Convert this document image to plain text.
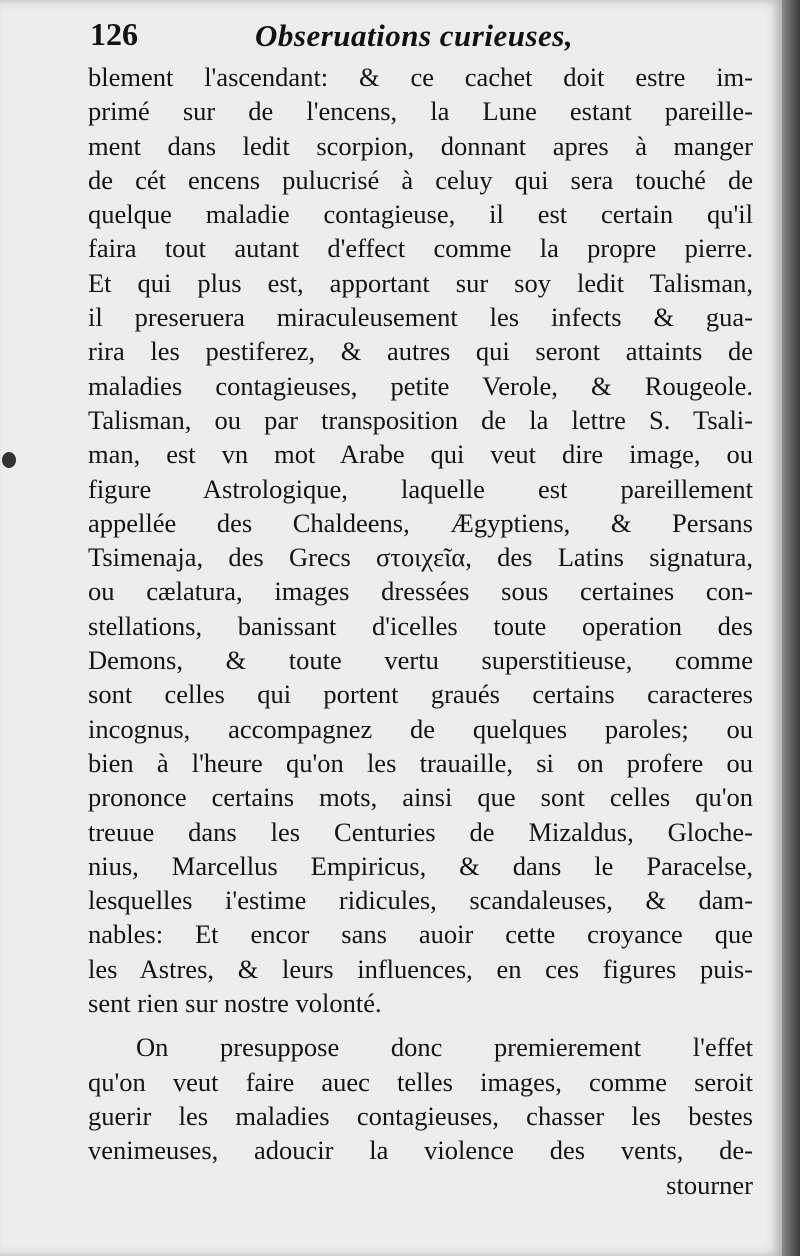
126	Obseruations curieuses,
blement l'ascendant: & ce cachet doit estre im-
primé sur de l'encens, la Lune estant pareille-
ment dans ledit scorpion, donnant apres à manger
de cét encens pulucrisé à celuy qui sera touché de
quelque maladie contagieuse, il est certain qu'il
faira tout autant d'effect comme la propre pierre.
Et qui plus est, apportant sur soy ledit Talisman,
il preseruera miraculeusement les infects & gua-
rira les pestiferez, & autres qui seront attaints de
maladies contagieuses, petite Verole, & Rougeole.
Talisman, ou par transposition de la lettre S. Tsali-
man, est vn mot Arabe qui veut dire image, ou
figure Astrologique, laquelle est pareillement
appellée des Chaldeens, Ægyptiens, & Persans
Tsimenaja, des Grecs στοιχεῖα, des Latins signatura,
ou cælatura, images dressées sous certaines con-
stellations, banissant d'icelles toute operation des
Demons, & toute vertu superstitieuse, comme
sont celles qui portent graués certains caracteres
incognus, accompagnez de quelques paroles; ou
bien à l'heure qu'on les trauaille, si on profere ou
prononce certains mots, ainsi que sont celles qu'on
treuue dans les Centuries de Mizaldus, Gloche-
nius, Marcellus Empiricus, & dans le Paracelse,
lesquelles i'estime ridicules, scandaleuses, & dam-
nables: Et encor sans auoir cette croyance que
les Astres, & leurs influences, en ces figures puis-
sent rien sur nostre volonté.
On presuppose donc premierement l'effet
qu'on veut faire auec telles images, comme seroit
guerir les maladies contagieuses, chasser les bestes
venimeuses, adoucir la violence des vents, de-
stourner
